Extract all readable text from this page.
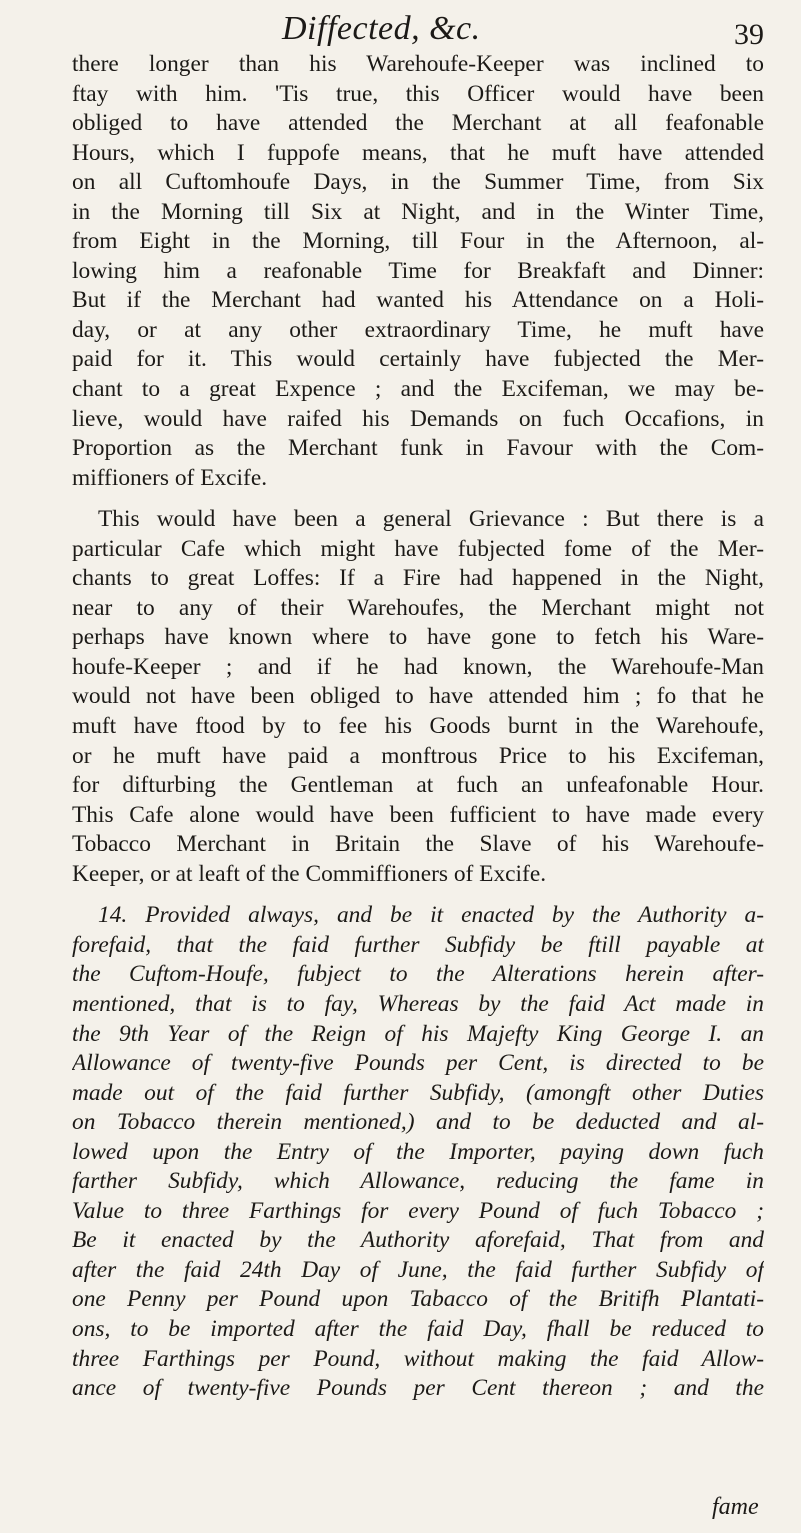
Diffected, &c.	39
there longer than his Warehoufe-Keeper was inclined to
ftay with him. 'Tis true, this Officer would have been
obliged to have attended the Merchant at all feafonable
Hours, which I fuppofe means, that he muft have attended
on all Cuftomhoufe Days, in the Summer Time, from Six
in the Morning till Six at Night, and in the Winter Time,
from Eight in the Morning, till Four in the Afternoon, al-
lowing him a reafonable Time for Breakfaft and Dinner:
But if the Merchant had wanted his Attendance on a Holi-
day, or at any other extraordinary Time, he muft have
paid for it. This would certainly have fubjected the Mer-
chant to a great Expence ; and the Excifeman, we may be-
lieve, would have raifed his Demands on fuch Occafions, in
Proportion as the Merchant funk in Favour with the Com-
miffioners of Excife.
This would have been a general Grievance : But there is a
particular Cafe which might have fubjected fome of the Mer-
chants to great Loffes: If a Fire had happened in the Night,
near to any of their Warehoufes, the Merchant might not
perhaps have known where to have gone to fetch his Ware-
houfe-Keeper ; and if he had known, the Warehoufe-Man
would not have been obliged to have attended him ; fo that he
muft have ftood by to fee his Goods burnt in the Warehoufe,
or he muft have paid a monftrous Price to his Excifeman,
for difturbing the Gentleman at fuch an unfeafonable Hour.
This Cafe alone would have been fufficient to have made every
Tobacco Merchant in Britain the Slave of his Warehoufe-
Keeper, or at leaft of the Commiffioners of Excife.
14. Provided always, and be it enacted by the Authority a-
forefaid, that the faid further Subfidy be ftill payable at
the Cuftom-Houfe, fubject to the Alterations herein after-
mentioned, that is to fay, Whereas by the faid Act made in
the 9th Year of the Reign of his Majefty King George I. an
Allowance of twenty-five Pounds per Cent, is directed to be
made out of the faid further Subfidy, (amongft other Duties
on Tobacco therein mentioned,) and to be deducted and al-
lowed upon the Entry of the Importer, paying down fuch
farther Subfidy, which Allowance, reducing the fame in
Value to three Farthings for every Pound of fuch Tobacco ;
Be it enacted by the Authority aforefaid, That from and
after the faid 24th Day of June, the faid further Subfidy of
one Penny per Pound upon Tabacco of the Britifh Plantati-
ons, to be imported after the faid Day, fhall be reduced to
three Farthings per Pound, without making the faid Allow-
ance of twenty-five Pounds per Cent thereon ; and the
fame
